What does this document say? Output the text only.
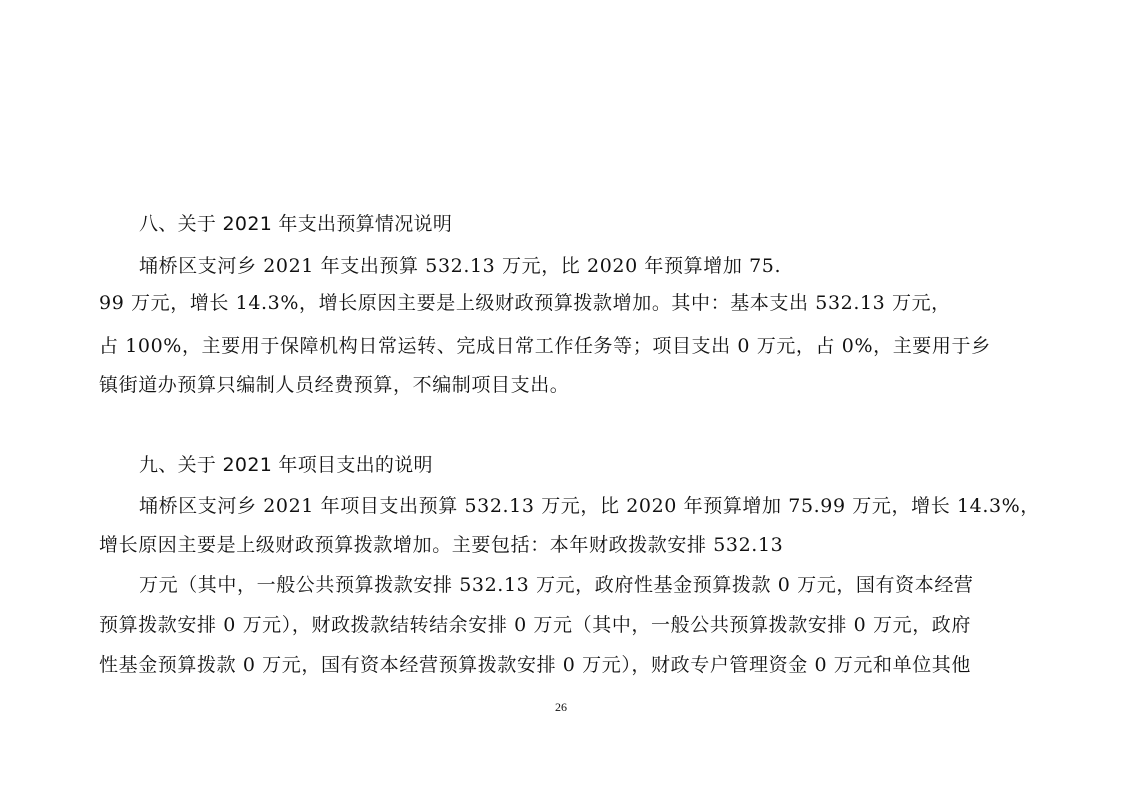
八、关于 2021 年支出预算情况说明
埇桥区支河乡 2021 年支出预算 532.13 万元，比 2020 年预算增加 75.
99 万元，增长 14.3%，增长原因主要是上级财政预算拨款增加。其中：基本支出 532.13 万元，
占 100%，主要用于保障机构日常运转、完成日常工作任务等；项目支出 0 万元，占 0%，主要用于乡
镇街道办预算只编制人员经费预算，不编制项目支出。
九、关于 2021 年项目支出的说明
埇桥区支河乡 2021 年项目支出预算 532.13 万元，比 2020 年预算增加 75.99 万元，增长 14.3%，
增长原因主要是上级财政预算拨款增加。主要包括：本年财政拨款安排 532.13
万元（其中，一般公共预算拨款安排 532.13 万元，政府性基金预算拨款 0 万元，国有资本经营
预算拨款安排 0 万元），财政拨款结转结余安排 0 万元（其中，一般公共预算拨款安排 0 万元，政府
性基金预算拨款 0 万元，国有资本经营预算拨款安排 0 万元），财政专户管理资金 0 万元和单位其他
26
